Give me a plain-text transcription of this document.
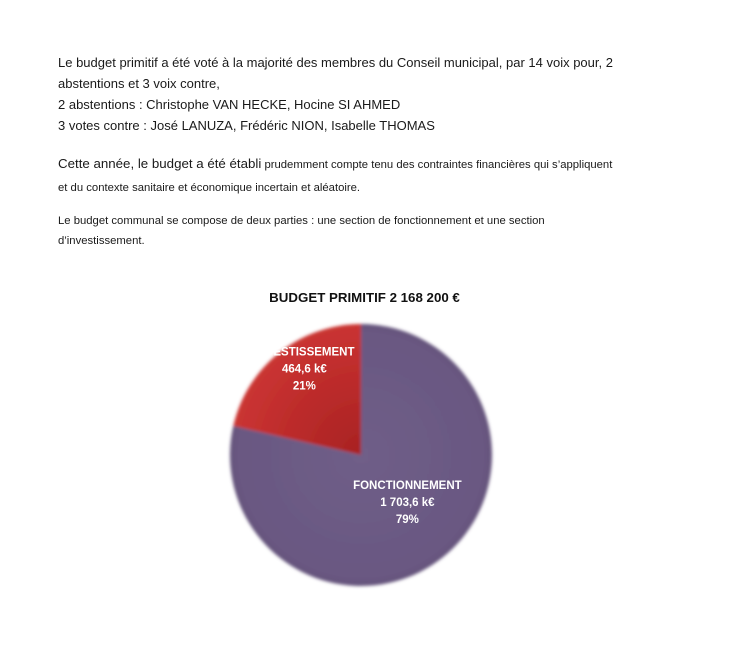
Le budget primitif a été voté à la majorité des membres du Conseil municipal, par 14 voix pour, 2
abstentions et 3 voix contre,
2 abstentions : Christophe VAN HECKE, Hocine SI AHMED
3 votes contre : José LANUZA, Frédéric NION, Isabelle THOMAS

Cette année, le budget a été établi prudemment compte tenu des contraintes financières qui s’appliquent
et du contexte sanitaire et économique incertain et aléatoire.

Le budget communal se compose de deux parties : une section de fonctionnement et une section
d’investissement.

BUDGET PRIMITIF 2 168 200 €
FONCTIONNEMENT
1 703,6 k€
79%
INVESTISSEMENT
464,6 k€
21%
